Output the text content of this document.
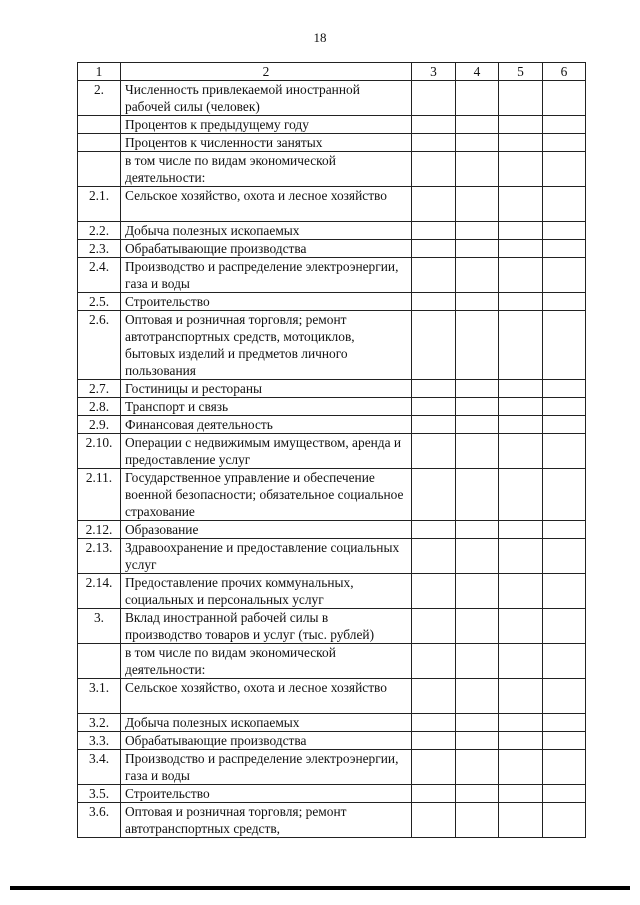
18
1	2	3	4	5	6
2.	Численность привлекаемой иностранной рабочей силы (человек)				
	Процентов к предыдущему году				
	Процентов к численности занятых				
	в том числе по видам экономической деятельности:				
2.1.	Сельское хозяйство, охота и лесное хозяйство				
2.2.	Добыча полезных ископаемых				
2.3.	Обрабатывающие производства				
2.4.	Производство и распределение электроэнергии, газа и воды				
2.5.	Строительство				
2.6.	Оптовая и розничная торговля; ремонт автотранспортных средств, мотоциклов, бытовых изделий и предметов личного пользования				
2.7.	Гостиницы и рестораны				
2.8.	Транспорт и связь				
2.9.	Финансовая деятельность				
2.10.	Операции с недвижимым имуществом, аренда и предоставление услуг				
2.11.	Государственное управление и обеспечение военной безопасности; обязательное социальное страхование				
2.12.	Образование				
2.13.	Здравоохранение и предоставление социальных услуг				
2.14.	Предоставление прочих коммунальных, социальных и персональных услуг				
3.	Вклад иностранной рабочей силы в производство товаров и услуг (тыс. рублей)				
	в том числе по видам экономической деятельности:				
3.1.	Сельское хозяйство, охота и лесное хозяйство				
3.2.	Добыча полезных ископаемых				
3.3.	Обрабатывающие производства				
3.4.	Производство и распределение электроэнергии, газа и воды				
3.5.	Строительство				
3.6.	Оптовая и розничная торговля; ремонт автотранспортных средств,				
